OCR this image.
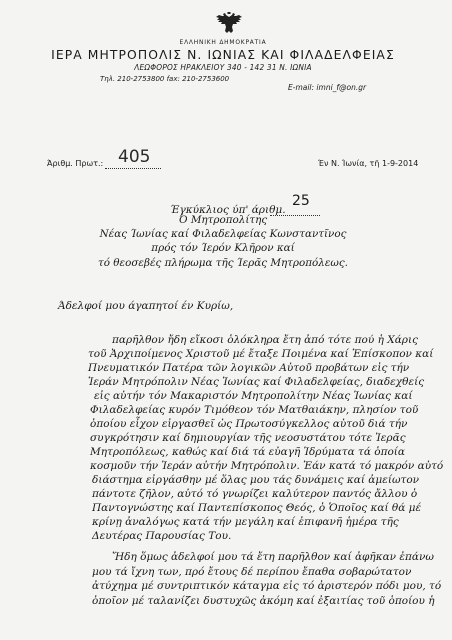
ΕΛΛΗΝΙΚΗ ΔΗΜΟΚΡΑΤΙΑ
ΙΕΡΑ ΜΗΤΡΟΠΟΛΙΣ Ν. ΙΩΝΙΑΣ ΚΑΙ ΦΙΛΑΔΕΛΦΕΙΑΣ
ΛΕΩΦΟΡΟΣ ΗΡΑΚΛΕΙΟΥ 340 - 142 31 Ν. ΙΩΝΙΑ
Τηλ. 210-2753800 fax: 210-2753600
E-mail: imni_f@on.gr
Άριθμ. Πρωτ.: 405	Έν Ν. Ίωνία, τῆ 1-9-2014
Έγκύκλιος ύπ' άριθμ.
25
Ό Μητροπολίτης
Νέας Ίωνίας καί Φιλαδελφείας Κωνσταντῖνος
πρός τόν Ίερόν Κλῆρον καί
τό θεοσεβές πλήρωμα τῆς Ίερᾶς Μητροπόλεως.
Άδελφοί μου άγαπητοί έν Κυρίω,
παρῆλθον ἤδη εἴκοσι ὁλόκληρα ἔτη ἀπό τότε πού ἡ Χάρις
τοῦ Ἀρχιποίμενος Χριστοῦ μέ ἔταξε Ποιμένα καί Ἐπίσκοπον καί
Πνευματικόν Πατέρα τῶν λογικῶν Αὐτοῦ προβάτων εἰς τήν
Ἱεράν Μητρόπολιν Νέας Ἰωνίας καί Φιλαδελφείας, διαδεχθείς
εἰς αὐτήν τόν Μακαριστόν Μητροπολίτην Νέας Ἰωνίας καί
Φιλαδελφείας κυρόν Τιμόθεον τόν Ματθαιάκην, πλησίον τοῦ
ὁποίου εἶχον εἰργασθεῖ ὡς Πρωτοσύγκελλος αὐτοῦ διά τήν
συγκρότησιν καί δημιουργίαν τῆς νεοσυστάτου τότε Ἱερᾶς
Μητροπόλεως, καθώς καί διά τά εὐαγῆ Ἱδρύματα τά ὁποία
κοσμοῦν τήν Ἱεράν αὐτήν Μητρόπολιν. Ἐάν κατά τό μακρόν αὐτό
διάστημα εἰργάσθην μέ ὅλας μου τάς δυνάμεις καί ἀμείωτον
πάντοτε ζῆλον, αὐτό τό γνωρίζει καλύτερον παντός ἄλλου ὁ
Παντογνώστης καί Παντεπίσκοπος Θεός, ὁ Ὁποῖος καί θά μέ
κρίνῃ ἀναλόγως κατά τήν μεγάλη καί ἐπιφανῆ ἡμέρα τῆς
Δευτέρας Παρουσίας Του.
Ἤδη ὅμως ἀδελφοί μου τά ἔτη παρῆλθον καί ἀφῆκαν ἐπάνω
μου τά ἴχνη των, πρό ἔτους δέ περίπου ἔπαθα σοβαρώτατον
ἀτύχημα μέ συντριπτικόν κάταγμα εἰς τό ἀριστερόν πόδι μου, τό
ὁποῖον μέ ταλανίζει δυστυχῶς ἀκόμη καί ἐξαιτίας τοῦ ὁποίου ἡ
